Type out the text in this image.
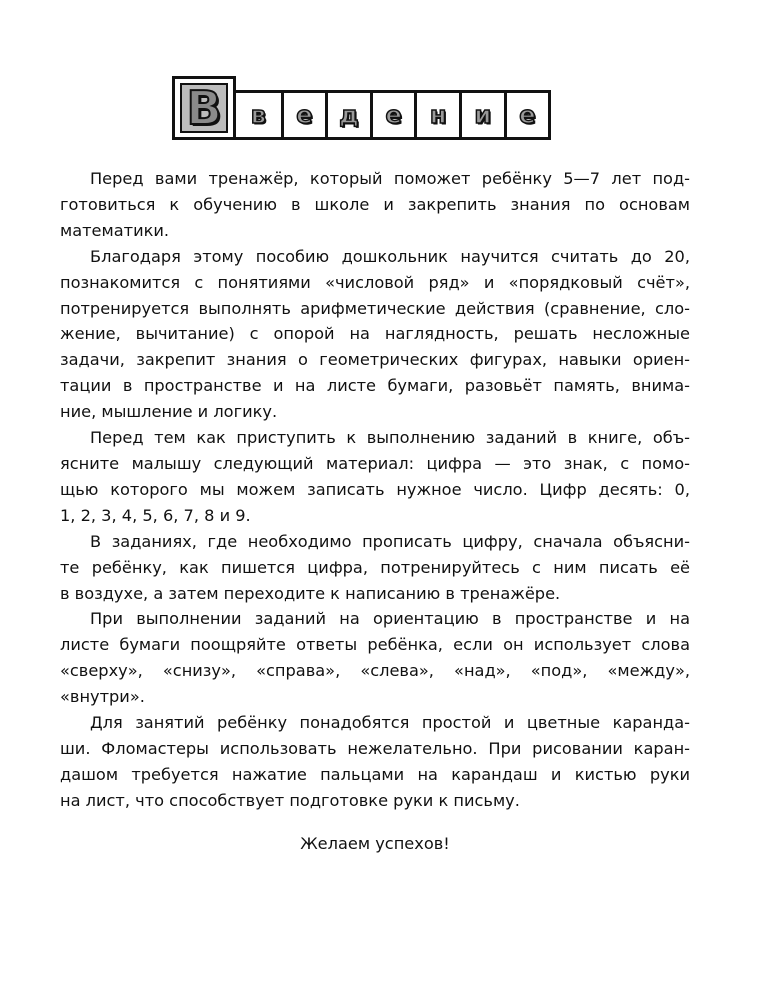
В в е д е н и е
Перед вами тренажёр, который поможет ребёнку 5—7 лет под-
готовиться к обучению в школе и закрепить знания по основам
математики.
Благодаря этому пособию дошкольник научится считать до 20,
познакомится с понятиями «числовой ряд» и «порядковый счёт»,
потренируется выполнять арифметические действия (сравнение, сло-
жение, вычитание) с опорой на наглядность, решать несложные
задачи, закрепит знания о геометрических фигурах, навыки ориен-
тации в пространстве и на листе бумаги, разовьёт память, внима-
ние, мышление и логику.
Перед тем как приступить к выполнению заданий в книге, объ-
ясните малышу следующий материал: цифра — это знак, с помо-
щью которого мы можем записать нужное число. Цифр десять: 0,
1, 2, 3, 4, 5, 6, 7, 8 и 9.
В заданиях, где необходимо прописать цифру, сначала объясни-
те ребёнку, как пишется цифра, потренируйтесь с ним писать её
в воздухе, а затем переходите к написанию в тренажёре.
При выполнении заданий на ориентацию в пространстве и на
листе бумаги поощряйте ответы ребёнка, если он использует слова
«сверху», «снизу», «справа», «слева», «над», «под», «между», «внутри».
Для занятий ребёнку понадобятся простой и цветные каранда-
ши. Фломастеры использовать нежелательно. При рисовании каран-
дашом требуется нажатие пальцами на карандаш и кистью руки
на лист, что способствует подготовке руки к письму.

Желаем успехов!
